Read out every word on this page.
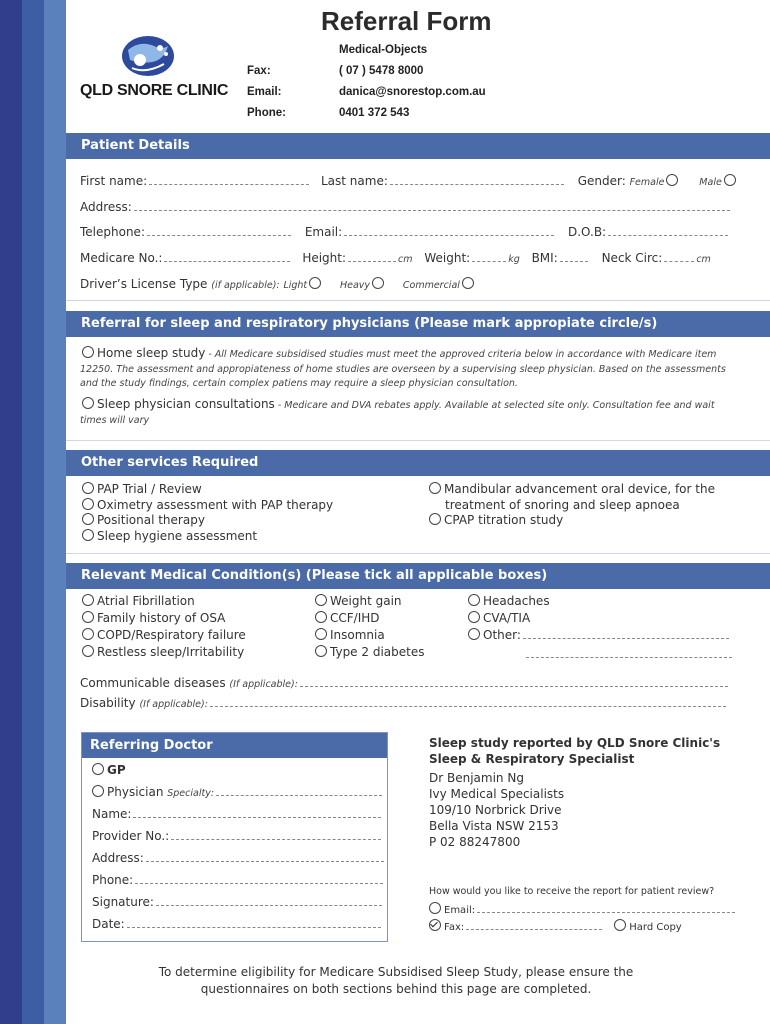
Referral Form
QLD SNORE CLINIC
Medical-Objects
Fax:	( 07 ) 5478 8000
Email:	danica@snorestop.com.au
Phone:	0401 372 543
Patient Details
First name:	Last name:	Gender: Female	Male
Address:
Telephone:	Email:	D.O.B:
Medicare No.:	Height:	cm Weight:	kg BMI:	Neck Circ:	cm
Driver’s License Type (if applicable): Light	Heavy	Commercial
Referral for sleep and respiratory physicians (Please mark appropiate circle/s)
Home sleep study - All Medicare subsidised studies must meet the approved criteria below in accordance with Medicare item 12250. The assessment and appropiateness of home studies are overseen by a supervising sleep physician. Based on the assessments and the study findings, certain complex patiens may require a sleep physician consultation.
Sleep physician consultations - Medicare and DVA rebates apply. Available at selected site only. Consultation fee and wait times will vary
Other services Required
PAP Trial / Review
Oximetry assessment with PAP therapy
Positional therapy
Sleep hygiene assessment
Mandibular advancement oral device, for the
treatment of snoring and sleep apnoea
CPAP titration study
Relevant Medical Condition(s) (Please tick all applicable boxes)
Atrial Fibrillation
Family history of OSA
COPD/Respiratory failure
Restless sleep/Irritability
Weight gain
CCF/IHD
Insomnia
Type 2 diabetes
Headaches
CVA/TIA
Other:
Communicable diseases (If applicable):
Disability (If applicable):
Referring Doctor
GP
Physician Specialty:
Name:
Provider No.:
Address:
Phone:
Signature:
Date:
Sleep study reported by QLD Snore Clinic's
Sleep & Respiratory Specialist
Dr Benjamin Ng
Ivy Medical Specialists
109/10 Norbrick Drive
Bella Vista NSW 2153
P 02 88247800
How would you like to receive the report for patient review?
Email:
Fax:	Hard Copy
To determine eligibility for Medicare Subsidised Sleep Study, please ensure the
questionnaires on both sections behind this page are completed.
